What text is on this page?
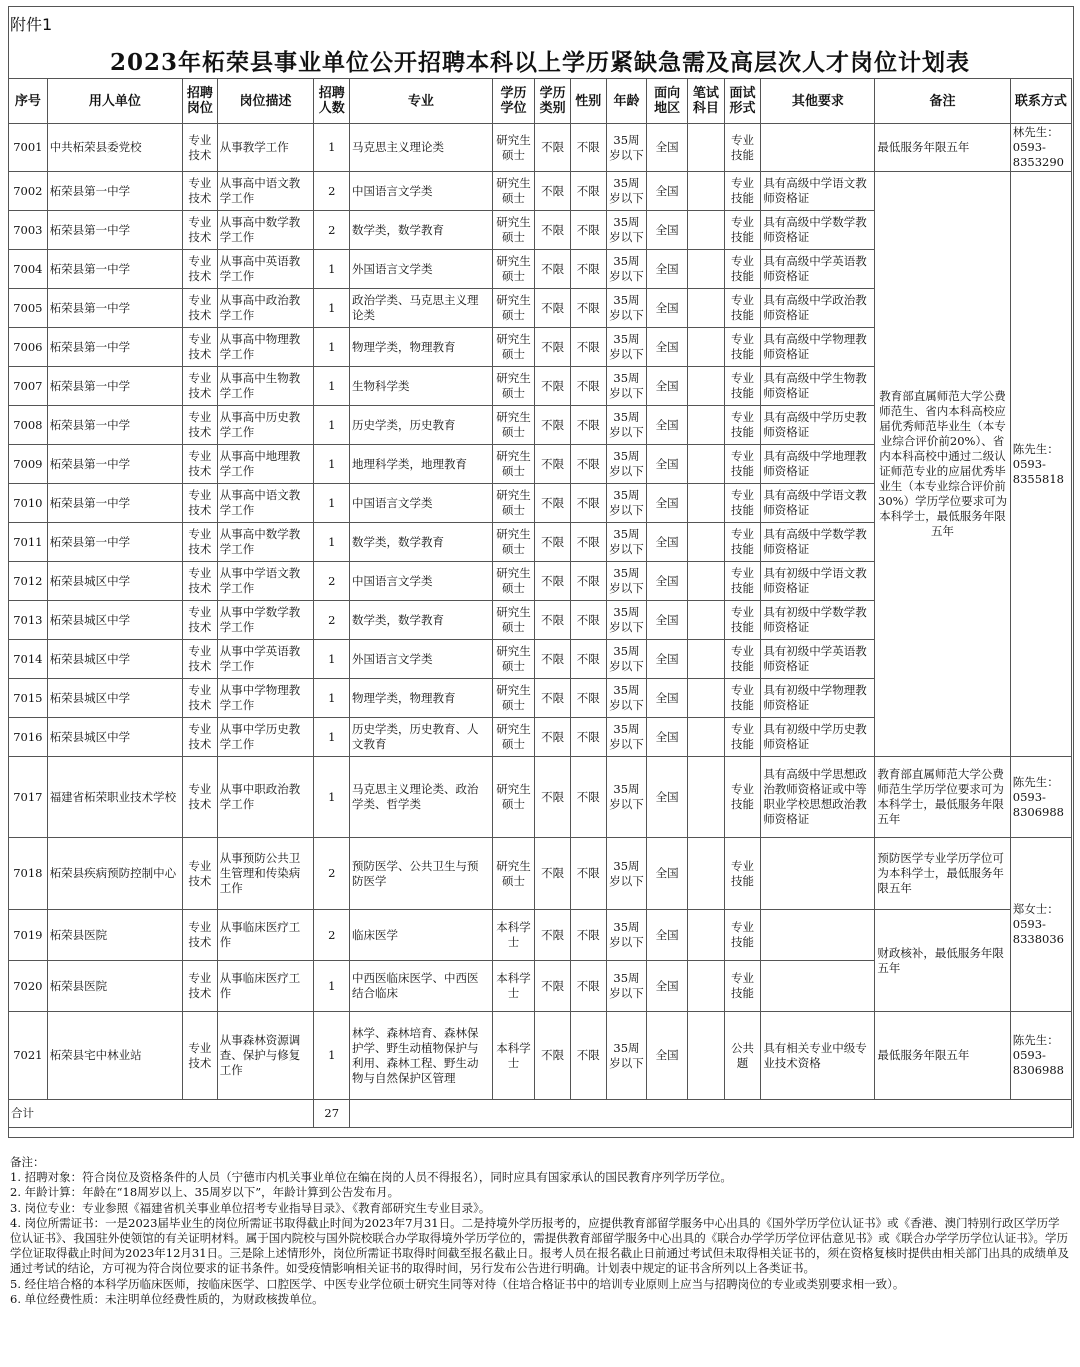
附件1
2023年柘荣县事业单位公开招聘本科以上学历紧缺急需及高层次人才岗位计划表
序号	用人单位	招聘岗位	岗位描述	招聘人数	专业	学历学位	学历类别	性别	年龄	面向地区	笔试科目	面试形式	其他要求	备注	联系方式
7001	中共柘荣县委党校	专业技术	从事教学工作	1	马克思主义理论类	研究生硕士	不限	不限	35周岁以下	全国		专业技能		最低服务年限五年	林先生：0593-8353290
7002	柘荣县第一中学	专业技术	从事高中语文教学工作	2	中国语言文学类	研究生硕士	不限	不限	35周岁以下	全国		专业技能	具有高级中学语文教师资格证	教育部直属师范大学公费师范生、省内本科高校应届优秀师范毕业生（本专业综合评价前20%）、省内本科高校中通过二级认证师范专业的应届优秀毕业生（本专业综合评价前30%）学历学位要求可为本科学士，最低服务年限五年	陈先生：0593-8355818
7003	柘荣县第一中学	专业技术	从事高中数学教学工作	2	数学类，数学教育	研究生硕士	不限	不限	35周岁以下	全国		专业技能	具有高级中学数学教师资格证		
7004	柘荣县第一中学	专业技术	从事高中英语教学工作	1	外国语言文学类	研究生硕士	不限	不限	35周岁以下	全国		专业技能	具有高级中学英语教师资格证		
7005	柘荣县第一中学	专业技术	从事高中政治教学工作	1	政治学类、马克思主义理论类	研究生硕士	不限	不限	35周岁以下	全国		专业技能	具有高级中学政治教师资格证		
7006	柘荣县第一中学	专业技术	从事高中物理教学工作	1	物理学类，物理教育	研究生硕士	不限	不限	35周岁以下	全国		专业技能	具有高级中学物理教师资格证		
7007	柘荣县第一中学	专业技术	从事高中生物教学工作	1	生物科学类	研究生硕士	不限	不限	35周岁以下	全国		专业技能	具有高级中学生物教师资格证		
7008	柘荣县第一中学	专业技术	从事高中历史教学工作	1	历史学类，历史教育	研究生硕士	不限	不限	35周岁以下	全国		专业技能	具有高级中学历史教师资格证		
7009	柘荣县第一中学	专业技术	从事高中地理教学工作	1	地理科学类，地理教育	研究生硕士	不限	不限	35周岁以下	全国		专业技能	具有高级中学地理教师资格证		
7010	柘荣县第一中学	专业技术	从事高中语文教学工作	1	中国语言文学类	研究生硕士	不限	不限	35周岁以下	全国		专业技能	具有高级中学语文教师资格证		
7011	柘荣县第一中学	专业技术	从事高中数学教学工作	1	数学类，数学教育	研究生硕士	不限	不限	35周岁以下	全国		专业技能	具有高级中学数学教师资格证		
7012	柘荣县城区中学	专业技术	从事中学语文教学工作	2	中国语言文学类	研究生硕士	不限	不限	35周岁以下	全国		专业技能	具有初级中学语文教师资格证		
7013	柘荣县城区中学	专业技术	从事中学数学教学工作	2	数学类，数学教育	研究生硕士	不限	不限	35周岁以下	全国		专业技能	具有初级中学数学教师资格证		
7014	柘荣县城区中学	专业技术	从事中学英语教学工作	1	外国语言文学类	研究生硕士	不限	不限	35周岁以下	全国		专业技能	具有初级中学英语教师资格证		
7015	柘荣县城区中学	专业技术	从事中学物理教学工作	1	物理学类，物理教育	研究生硕士	不限	不限	35周岁以下	全国		专业技能	具有初级中学物理教师资格证		
7016	柘荣县城区中学	专业技术	从事中学历史教学工作	1	历史学类，历史教育、人文教育	研究生硕士	不限	不限	35周岁以下	全国		专业技能	具有初级中学历史教师资格证		
7017	福建省柘荣职业技术学校	专业技术	从事中职政治教学工作	1	马克思主义理论类、政治学类、哲学类	研究生硕士	不限	不限	35周岁以下	全国		专业技能	具有高级中学思想政治教师资格证或中等职业学校思想政治教师资格证	教育部直属师范大学公费师范生学历学位要求可为本科学士，最低服务年限五年	陈先生：0593-8306988
7018	柘荣县疾病预防控制中心	专业技术	从事预防公共卫生管理和传染病工作	2	预防医学、公共卫生与预防医学	研究生硕士	不限	不限	35周岁以下	全国		专业技能		预防医学专业学历学位可为本科学士，最低服务年限五年	郑女士：0593-8338036
7019	柘荣县医院	专业技术	从事临床医疗工作	2	临床医学	本科学士	不限	不限	35周岁以下	全国		专业技能		财政核补，最低服务年限五年	
7020	柘荣县医院	专业技术	从事临床医疗工作	1	中西医临床医学、中西医结合临床	本科学士	不限	不限	35周岁以下	全国		专业技能			
7021	柘荣县宅中林业站	专业技术	从事森林资源调查、保护与修复工作	1	林学、森林培育、森林保护学、野生动植物保护与利用、森林工程、野生动物与自然保护区管理	本科学士	不限	不限	35周岁以下	全国		公共题	具有相关专业中级专业技术资格	最低服务年限五年	陈先生：0593-8306988
合计				27											

备注：

1. 招聘对象：符合岗位及资格条件的人员（宁德市内机关事业单位在编在岗的人员不得报名），同时应具有国家承认的国民教育序列学历学位。

2. 年龄计算：年龄在“18周岁以上、35周岁以下”，年龄计算到公告发布月。

3. 岗位专业：专业参照《福建省机关事业单位招考专业指导目录》、《教育部研究生专业目录》。

4. 岗位所需证书：一是2023届毕业生的岗位所需证书取得截止时间为2023年7月31日。二是持境外学历报考的，应提供教育部留学服务中心出具的《国外学历学位认证书》或《香港、澳门特别行政区学历学位认证书》、我国驻外使领馆的有关证明材料。属于国内院校与国外院校联合办学取得境外学历学位的，需提供教育部留学服务中心出具的《联合办学学历学位评估意见书》或《联合办学学历学位认证书》。学历学位证取得截止时间为2023年12月31日。三是除上述情形外，岗位所需证书取得时间截至报名截止日。报考人员在报名截止日前通过考试但未取得相关证书的，须在资格复核时提供由相关部门出具的成绩单及通过考试的结论，方可视为符合岗位要求的证书条件。如受疫情影响相关证书的取得时间，另行发布公告进行明确。计划表中规定的证书含所列以上各类证书。

5. 经住培合格的本科学历临床医师，按临床医学、口腔医学、中医专业学位硕士研究生同等对待（住培合格证书中的培训专业原则上应当与招聘岗位的专业或类别要求相一致）。

6. 单位经费性质：未注明单位经费性质的，为财政核拨单位。
